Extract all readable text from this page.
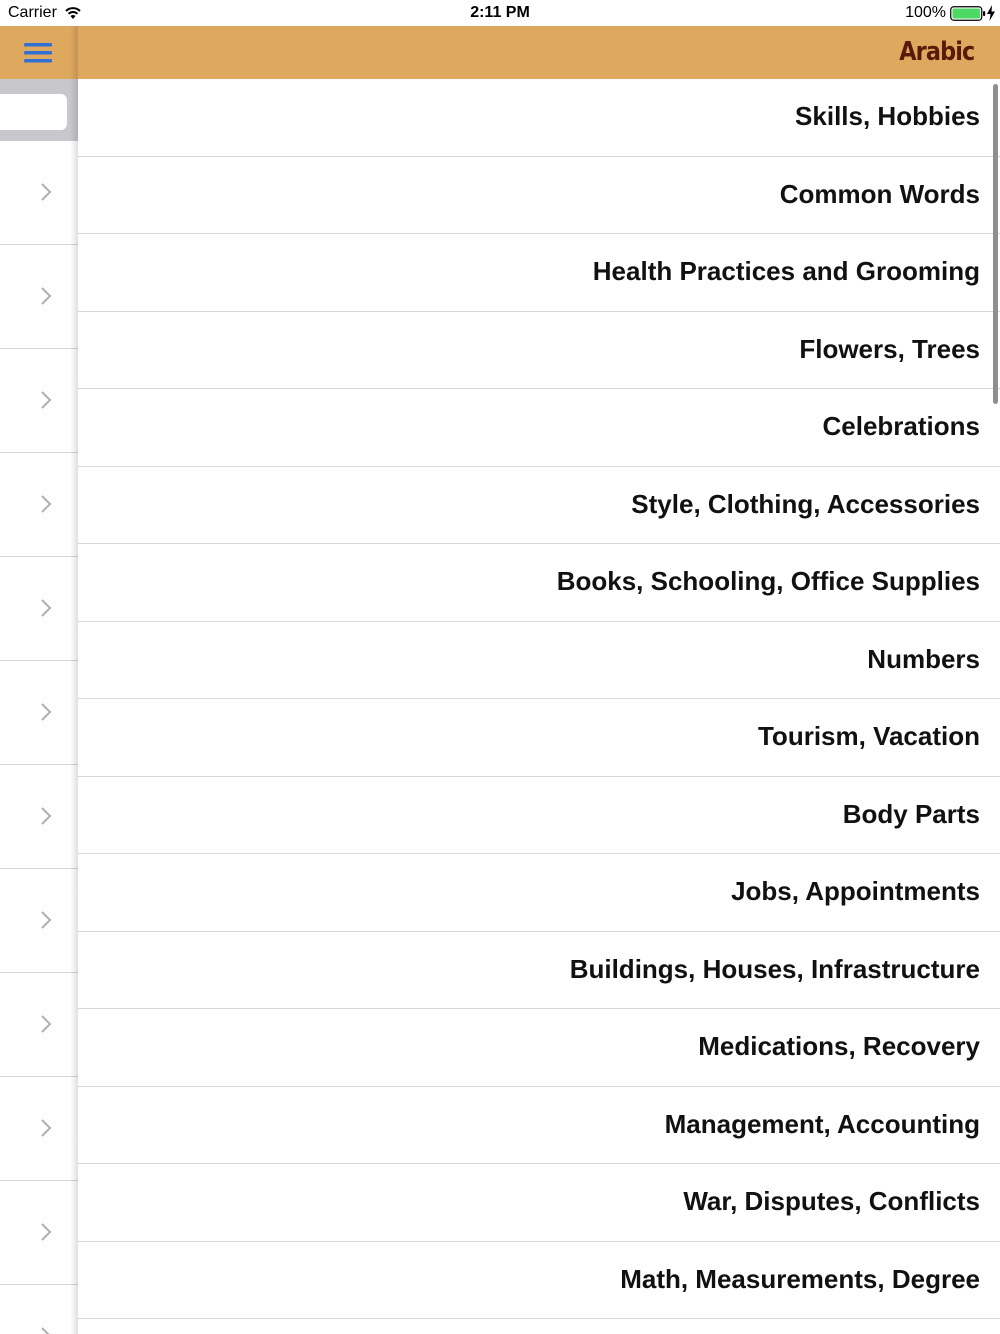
Carrier	2:11 PM	100%
Arabic
Skills, Hobbies
Common Words
Health Practices and Grooming
Flowers, Trees
Celebrations
Style, Clothing, Accessories
Books, Schooling, Office Supplies
Numbers
Tourism, Vacation
Body Parts
Jobs, Appointments
Buildings, Houses, Infrastructure
Medications, Recovery
Management, Accounting
War, Disputes, Conflicts
Math, Measurements, Degree
